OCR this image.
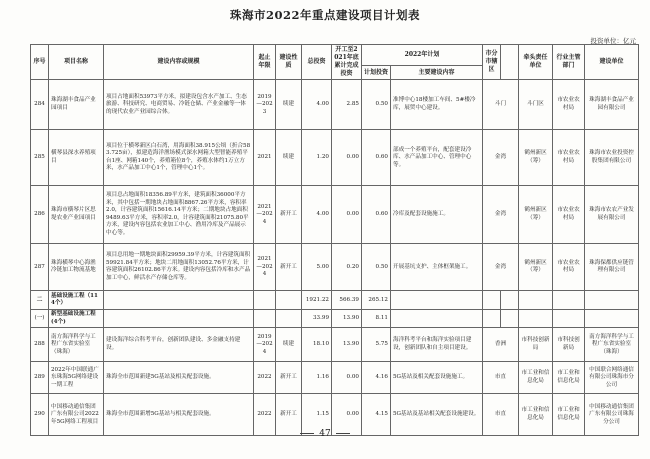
珠海市2022年重点建设项目计划表
投资单位：亿元
序号	项目名称	建设内容或规模	起止年限	建设性质	总投资	开工至2021年底累计完成投资	2022年计划		市分市辖区		牵头责任单位	行业主管部门	建设单位
							计划投资	主要建设内容					
284	珠海湖丰食品产业园项目	项目占地面积53973平方米，拟建设包含水产加工、生态旅游、科技研究、电商贸易、冷链仓储、产业金融等一体的现代农业产业园综合体。	2019—2023	续建	4.00	2.85	0.50	准博中心18楼加工车间、5#楼冷库，展贸中心建设。	斗门		斗门区	市农业农村局	珠海湖丰食品产业园有限公司
285	横琴县深水养殖项目	项目位于横琴新区白石湾，用海面积38.915公顷（折合583.725亩），拟建造海洋渔场模式深水网箱大型智能养殖平台1座、网箱140个，养殖箱位8个，养殖水体约1万立方米，水产品加工中心1个，管理中心1个。	2021	续建	1.20	0.00	0.60	部成一个养殖平台，配套建设冷库、水产品加工中心、管理中心等。	金湾		鹤州新区（筹）	市农业农村局	珠海市农业投资控股集团有限公司
286	珠海市横琴片区思堤农业产业园项目	项目总占地面积18356.89平方米，建筑面积36000平方米，其中包括一期地块占地面积8867.26平方米，容积率2.0，计容建筑面积15616.14平方米；二期地块占地面积9489.63平方米，容积率2.0，计容建筑面积21075.80平方米，建设内容包括农业加工中心、渔用冷库及产品展示中心等。	2021—2024	新开工	4.00	0.00	0.60	冷库及配套设施施工。	金湾		鹤州新区（筹）	市农业农村局	珠海市农农产业发展有限公司
287	珠海横琴中心海渔冷链加工物流基地	项目总用地一期地块面积29959.39平方米，计容建筑面积59921.84平方米；地块二用地面积13052.76平方米，计容建筑面积26102.86平方米。建设内容包括冷库和水产品加工中心，鲜活水产存储仓库等。	2021—2024	新开工	5.00	0.20	0.50	开展基坑支护、主体框架施工。	金湾		鹤州新区（筹）	市农业农村局	珠海保都供应链管理有限公司
二	基础设施工程（114个）				1921.22	566.39	265.12						
(一)	新型基础设施工程(4个)				33.99	13.90	8.11						
288	南方海洋科学与工程广东省实验室（珠海）	建设海洋综合科考平台，创新团队建设、多金融支持建设。	2019—2024	续建	18.10	13.90	5.75	海洋科考平台和海洋实验项目建设，创新团队和自主项目建设。	香洲		市科技创新局	市科技创新局	南方海洋科学与工程广东省实验室（珠海）
289	2022年中国联通广东珠海5G网络建设一期工程	珠海全市范围新建5G基站及相关配套设施。	2022	新开工	1.16	0.00	4.16	5G基站及相关配套设施施工。	市直		市工业和信息化局	市工业和信息化局	中国联合网络通信有限公司珠海市分公司
290	中国移动通信集团广东有限公司2022年5G网络工程项目	珠海全市范围新增5G基站与相关配套设施。	2022	新开工	1.15	0.00	4.15	5G基站及基站相关配套设施建设。	市直		市工业和信息化局	市工业和信息化局	中国移动通信集团广东有限公司珠海分公司
47
